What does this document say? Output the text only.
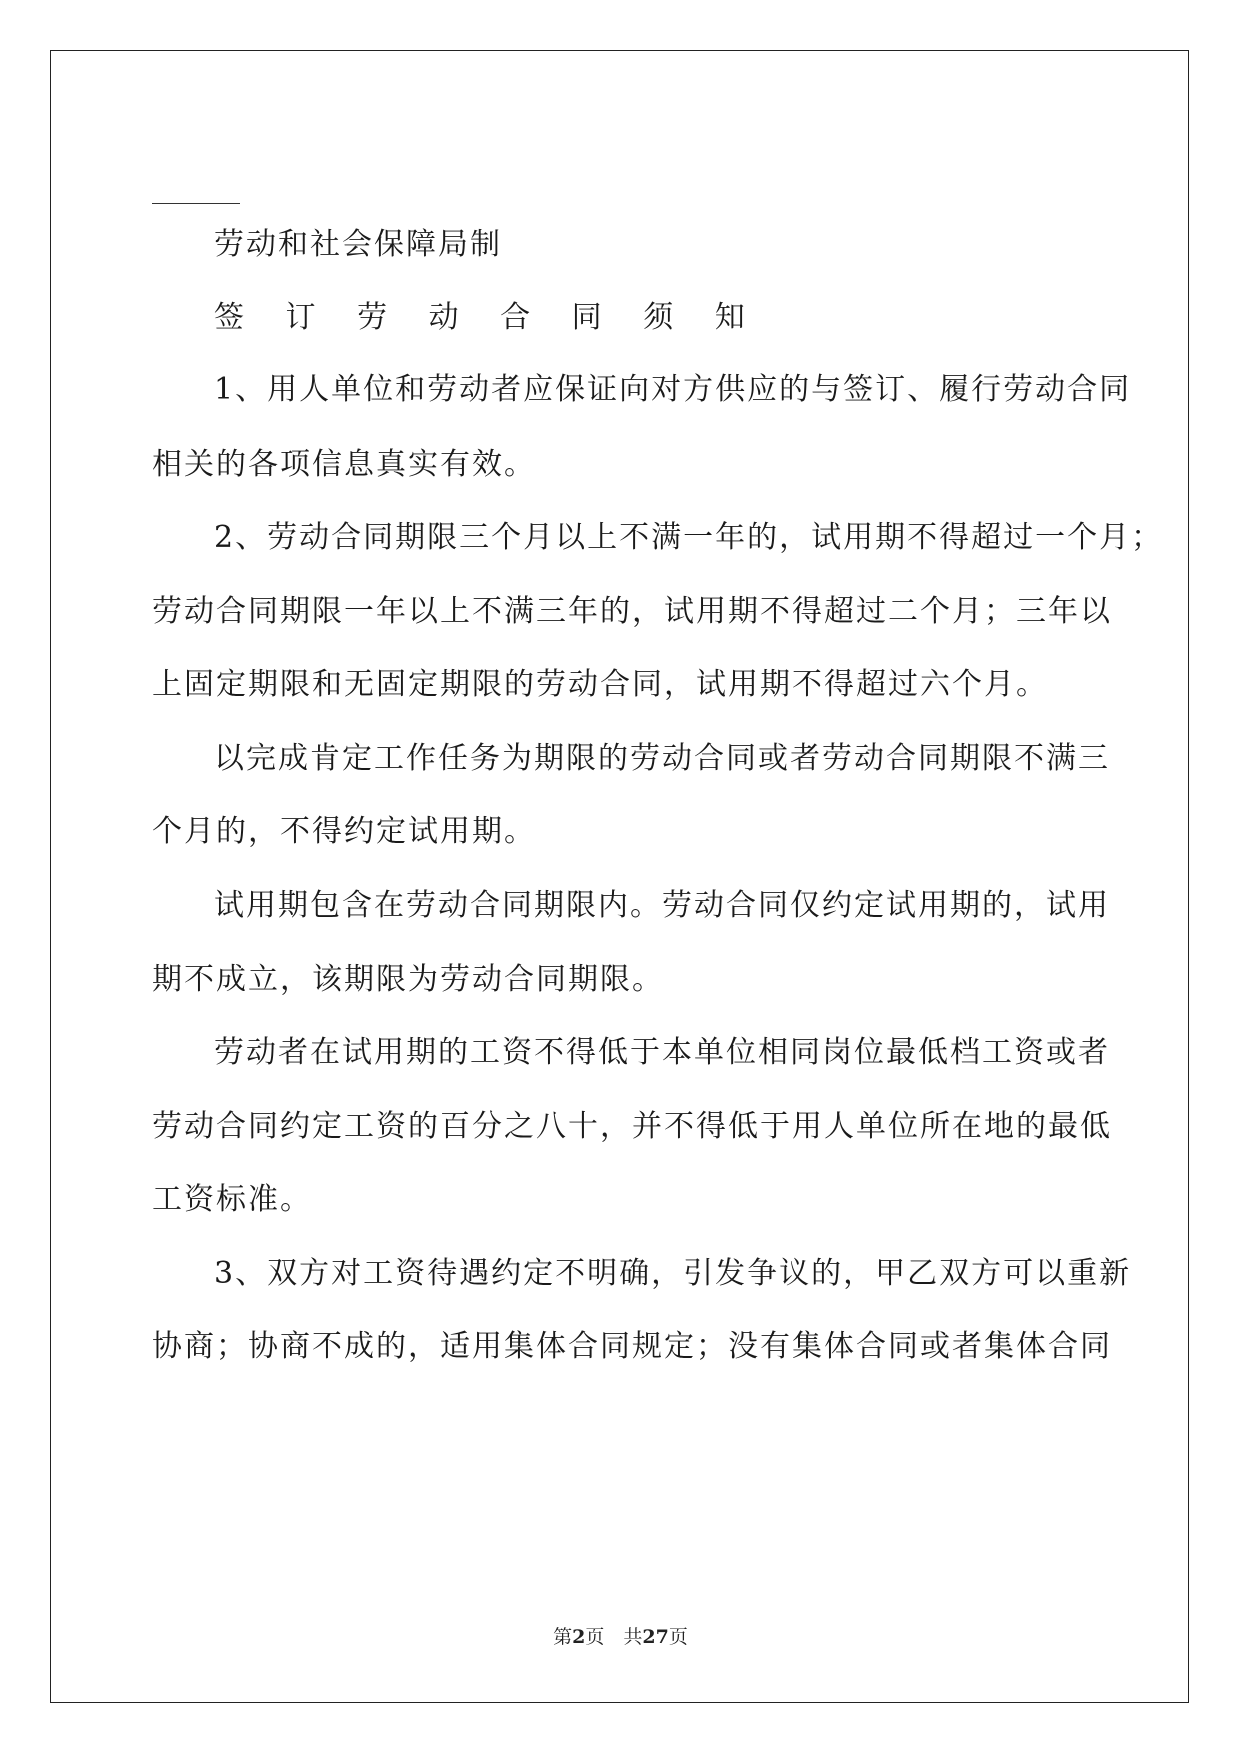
劳动和社会保障局制
签 订 劳 动 合 同 须 知
1、用人单位和劳动者应保证向对方供应的与签订、履行劳动合同
相关的各项信息真实有效。
2、劳动合同期限三个月以上不满一年的，试用期不得超过一个月；
劳动合同期限一年以上不满三年的，试用期不得超过二个月；三年以
上固定期限和无固定期限的劳动合同，试用期不得超过六个月。
以完成肯定工作任务为期限的劳动合同或者劳动合同期限不满三
个月的，不得约定试用期。
试用期包含在劳动合同期限内。劳动合同仅约定试用期的，试用
期不成立，该期限为劳动合同期限。
劳动者在试用期的工资不得低于本单位相同岗位最低档工资或者
劳动合同约定工资的百分之八十，并不得低于用人单位所在地的最低
工资标准。
3、双方对工资待遇约定不明确，引发争议的，甲乙双方可以重新
协商；协商不成的，适用集体合同规定；没有集体合同或者集体合同
第2页　共27页
